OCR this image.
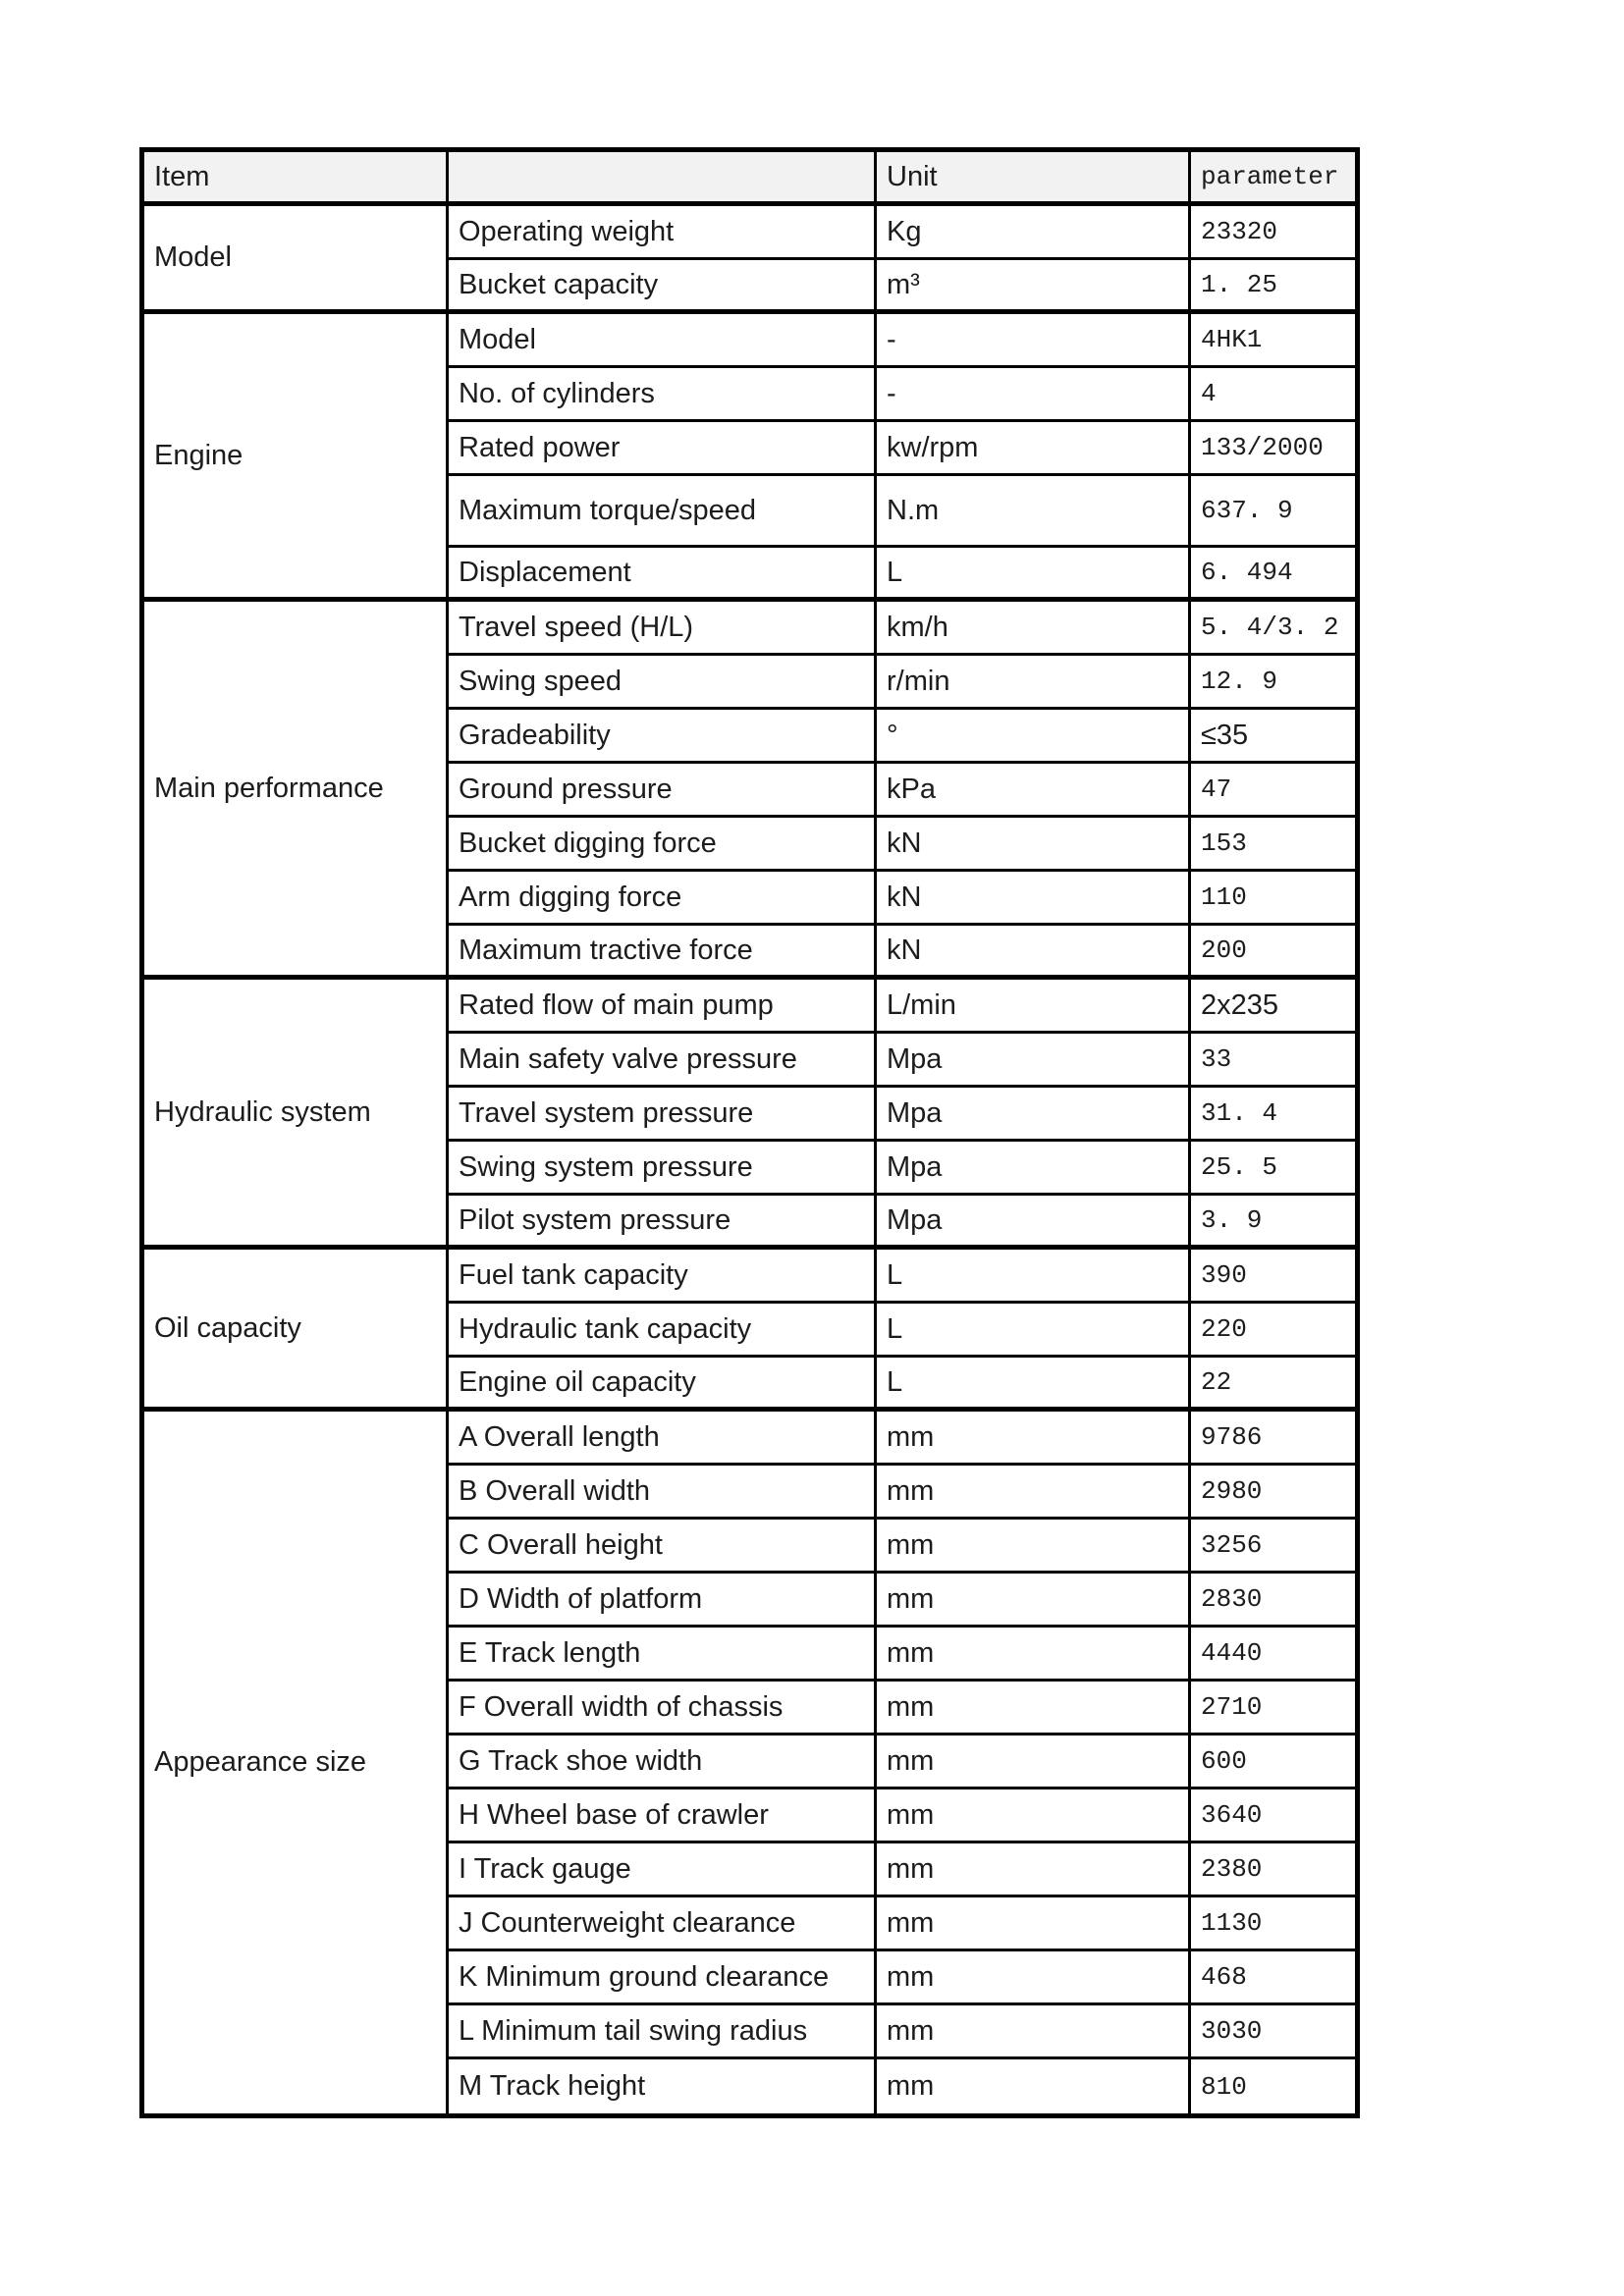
Item	Unit	parameter
Model
Operating weight	Kg	23320
Bucket capacity	m³	1. 25
Engine
Model	-	4HK1
No. of cylinders	-	4
Rated power	kw/rpm	133/2000
Maximum torque/speed	N.m	637. 9
Displacement	L	6. 494
Main performance
Travel speed (H/L)	km/h	5. 4/3. 2
Swing speed	r/min	12. 9
Gradeability	°	≤35
Ground pressure	kPa	47
Bucket digging force	kN	153
Arm digging force	kN	110
Maximum tractive force	kN	200
Hydraulic system
Rated flow of main pump	L/min	2x235
Main safety valve pressure	Mpa	33
Travel system pressure	Mpa	31. 4
Swing system pressure	Mpa	25. 5
Pilot system pressure	Mpa	3. 9
Oil capacity
Fuel tank capacity	L	390
Hydraulic tank capacity	L	220
Engine oil capacity	L	22
Appearance size
A Overall length	mm	9786
B Overall width	mm	2980
C Overall height	mm	3256
D Width of platform	mm	2830
E Track length	mm	4440
F Overall width of chassis	mm	2710
G Track shoe width	mm	600
H Wheel base of crawler	mm	3640
I Track gauge	mm	2380
J Counterweight clearance	mm	1130
K Minimum ground clearance	mm	468
L Minimum tail swing radius	mm	3030
M Track height	mm	810
